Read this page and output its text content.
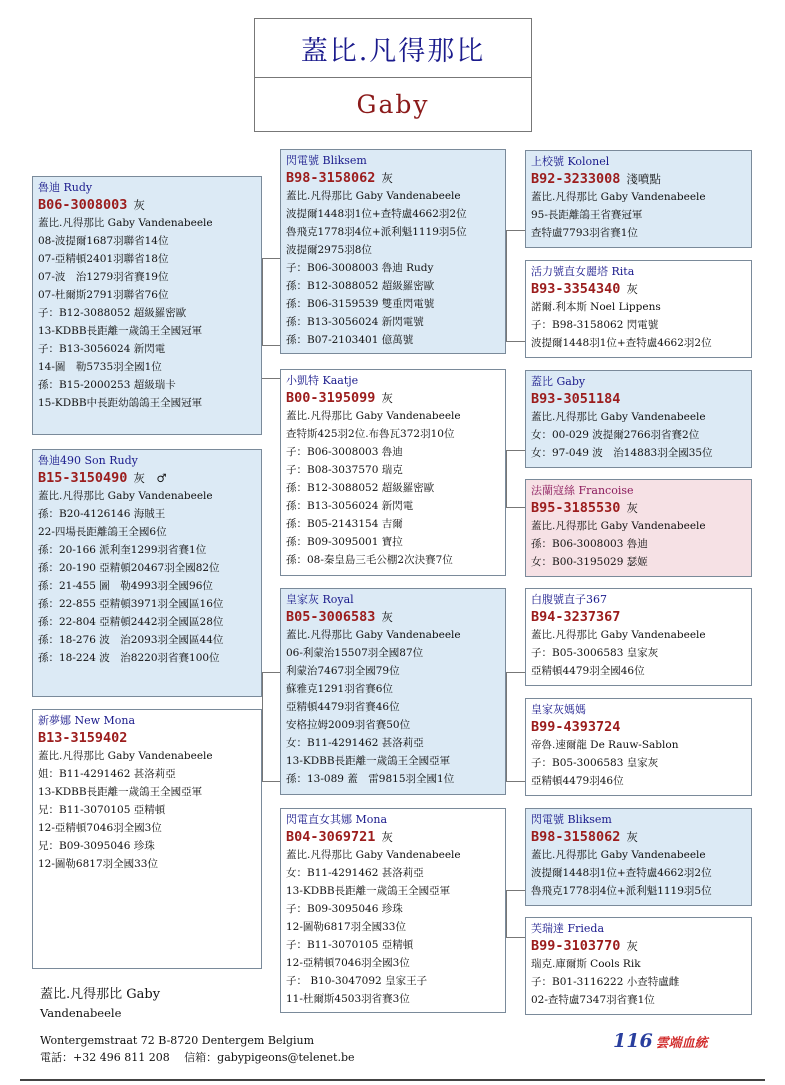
蓋比.凡得那比
Gaby
魯迪 Rudy
B06-3008003 灰
蓋比.凡得那比 Gaby Vandenabeele
08-波提爾1687羽聯省14位
07-亞精頓2401羽聯省18位
07-波　治1279羽省賽19位
07-杜爾斯2791羽聯省76位
子：B12-3088052 超級羅密歐
13-KDBB長距離一歲鴿王全國冠軍
子：B13-3056024 新閃電
14-圖　勒5735羽全國1位
孫：B15-2000253 超級瑞卡
15-KDBB中長距幼鴿鴿王全國冠軍
魯迪490 Son Rudy
B15-3150490 灰　♂
蓋比.凡得那比 Gaby Vandenabeele
孫：B20-4126146 海賊王
22-四場長距離鴿王全國6位
孫：20-166 派利奎1299羽省賽1位
孫：20-190 亞精頓20467羽全國82位
孫：21-455 圖　勒4993羽全國96位
孫：22-855 亞精頓3971羽全國區16位
孫：22-804 亞精頓2442羽全國區28位
孫：18-276 波　治2093羽全國區44位
孫：18-224 波　治8220羽省賽100位
新夢娜 New Mona
B13-3159402
蓋比.凡得那比 Gaby Vandenabeele
姐：B11-4291462 甚洛莉亞
13-KDBB長距離一歲鴿王全國亞軍
兄：B11-3070105 亞精頓
12-亞精頓7046羽全國3位
兄：B09-3095046 珍珠
12-圖勒6817羽全國33位
閃電號 Bliksem
B98-3158062 灰
蓋比.凡得那比 Gaby Vandenabeele
波提爾1448羽1位+查特盧4662羽2位
魯飛克1778羽4位+派利魁1119羽5位
波提爾2975羽8位
子：B06-3008003 魯迪 Rudy
孫：B12-3088052 超級羅密歐
孫：B06-3159539 雙重閃電號
孫：B13-3056024 新閃電號
孫：B07-2103401 億萬號
小凱特 Kaatje
B00-3195099 灰
蓋比.凡得那比 Gaby Vandenabeele
查特斯425羽2位.布魯瓦372羽10位
子：B06-3008003 魯迪
子：B08-3037570 瑞克
孫：B12-3088052 超級羅密歐
孫：B13-3056024 新閃電
孫：B05-2143154 吉爾
孫：B09-3095001 寶拉
孫：08-秦皇島三毛公棚2次決賽7位
皇家灰 Royal
B05-3006583 灰
蓋比.凡得那比 Gaby Vandenabeele
06-利蒙治15507羽全國87位
利蒙治7467羽全國79位
蘇雅克1291羽省賽6位
亞精頓4479羽省賽46位
安格拉姆2009羽省賽50位
女：B11-4291462 甚洛莉亞
13-KDBB長距離一歲鴿王全國亞軍
孫：13-089 蓋　雷9815羽全國1位
閃電直女其娜 Mona
B04-3069721 灰
蓋比.凡得那比 Gaby Vandenabeele
女：B11-4291462 甚洛莉亞
13-KDBB長距離一歲鴿王全國亞軍
子：B09-3095046 珍珠
12-圖勒6817羽全國33位
子：B11-3070105 亞精頓
12-亞精頓7046羽全國3位
子： B10-3047092 皇家王子
11-杜爾斯4503羽省賽3位
上校號 Kolonel
B92-3233008 淺噴點
蓋比.凡得那比 Gaby Vandenabeele
95-長距離鴿王省賽冠軍
查特盧7793羽省賽1位
活力號直女麗塔 Rita
B93-3354340 灰
諾爾.利本斯 Noel Lippens
子：B98-3158062 閃電號
波提爾1448羽1位+查特盧4662羽2位
蓋比 Gaby
B93-3051184
蓋比.凡得那比 Gaby Vandenabeele
女：00-029 波提爾2766羽省賽2位
女：97-049 波　治14883羽全國35位
法蘭寇絲 Francoise
B95-3185530 灰
蓋比.凡得那比 Gaby Vandenabeele
孫：B06-3008003 魯迪
女：B00-3195029 瑟姬
白腹號直子367
B94-3237367
蓋比.凡得那比 Gaby Vandenabeele
子：B05-3006583 皇家灰
亞精頓4479羽全國46位
皇家灰媽媽
B99-4393724
帝魯.速爾龍 De Rauw-Sablon
子：B05-3006583 皇家灰
亞精頓4479羽46位
閃電號 Bliksem
B98-3158062 灰
蓋比.凡得那比 Gaby Vandenabeele
波提爾1448羽1位+查特盧4662羽2位
魯飛克1778羽4位+派利魁1119羽5位
芙瑞達 Frieda
B99-3103770 灰
瑞克.庫爾斯 Cools Rik
子：B01-3116222 小查特盧雌
02-查特盧7347羽省賽1位
蓋比.凡得那比 Gaby
Vandenabeele
Wontergemstraat 72 B-8720 Dentergem Belgium
電話：+32 496 811 208　 信箱：gabypigeons@telenet.be
116 雲端血統
